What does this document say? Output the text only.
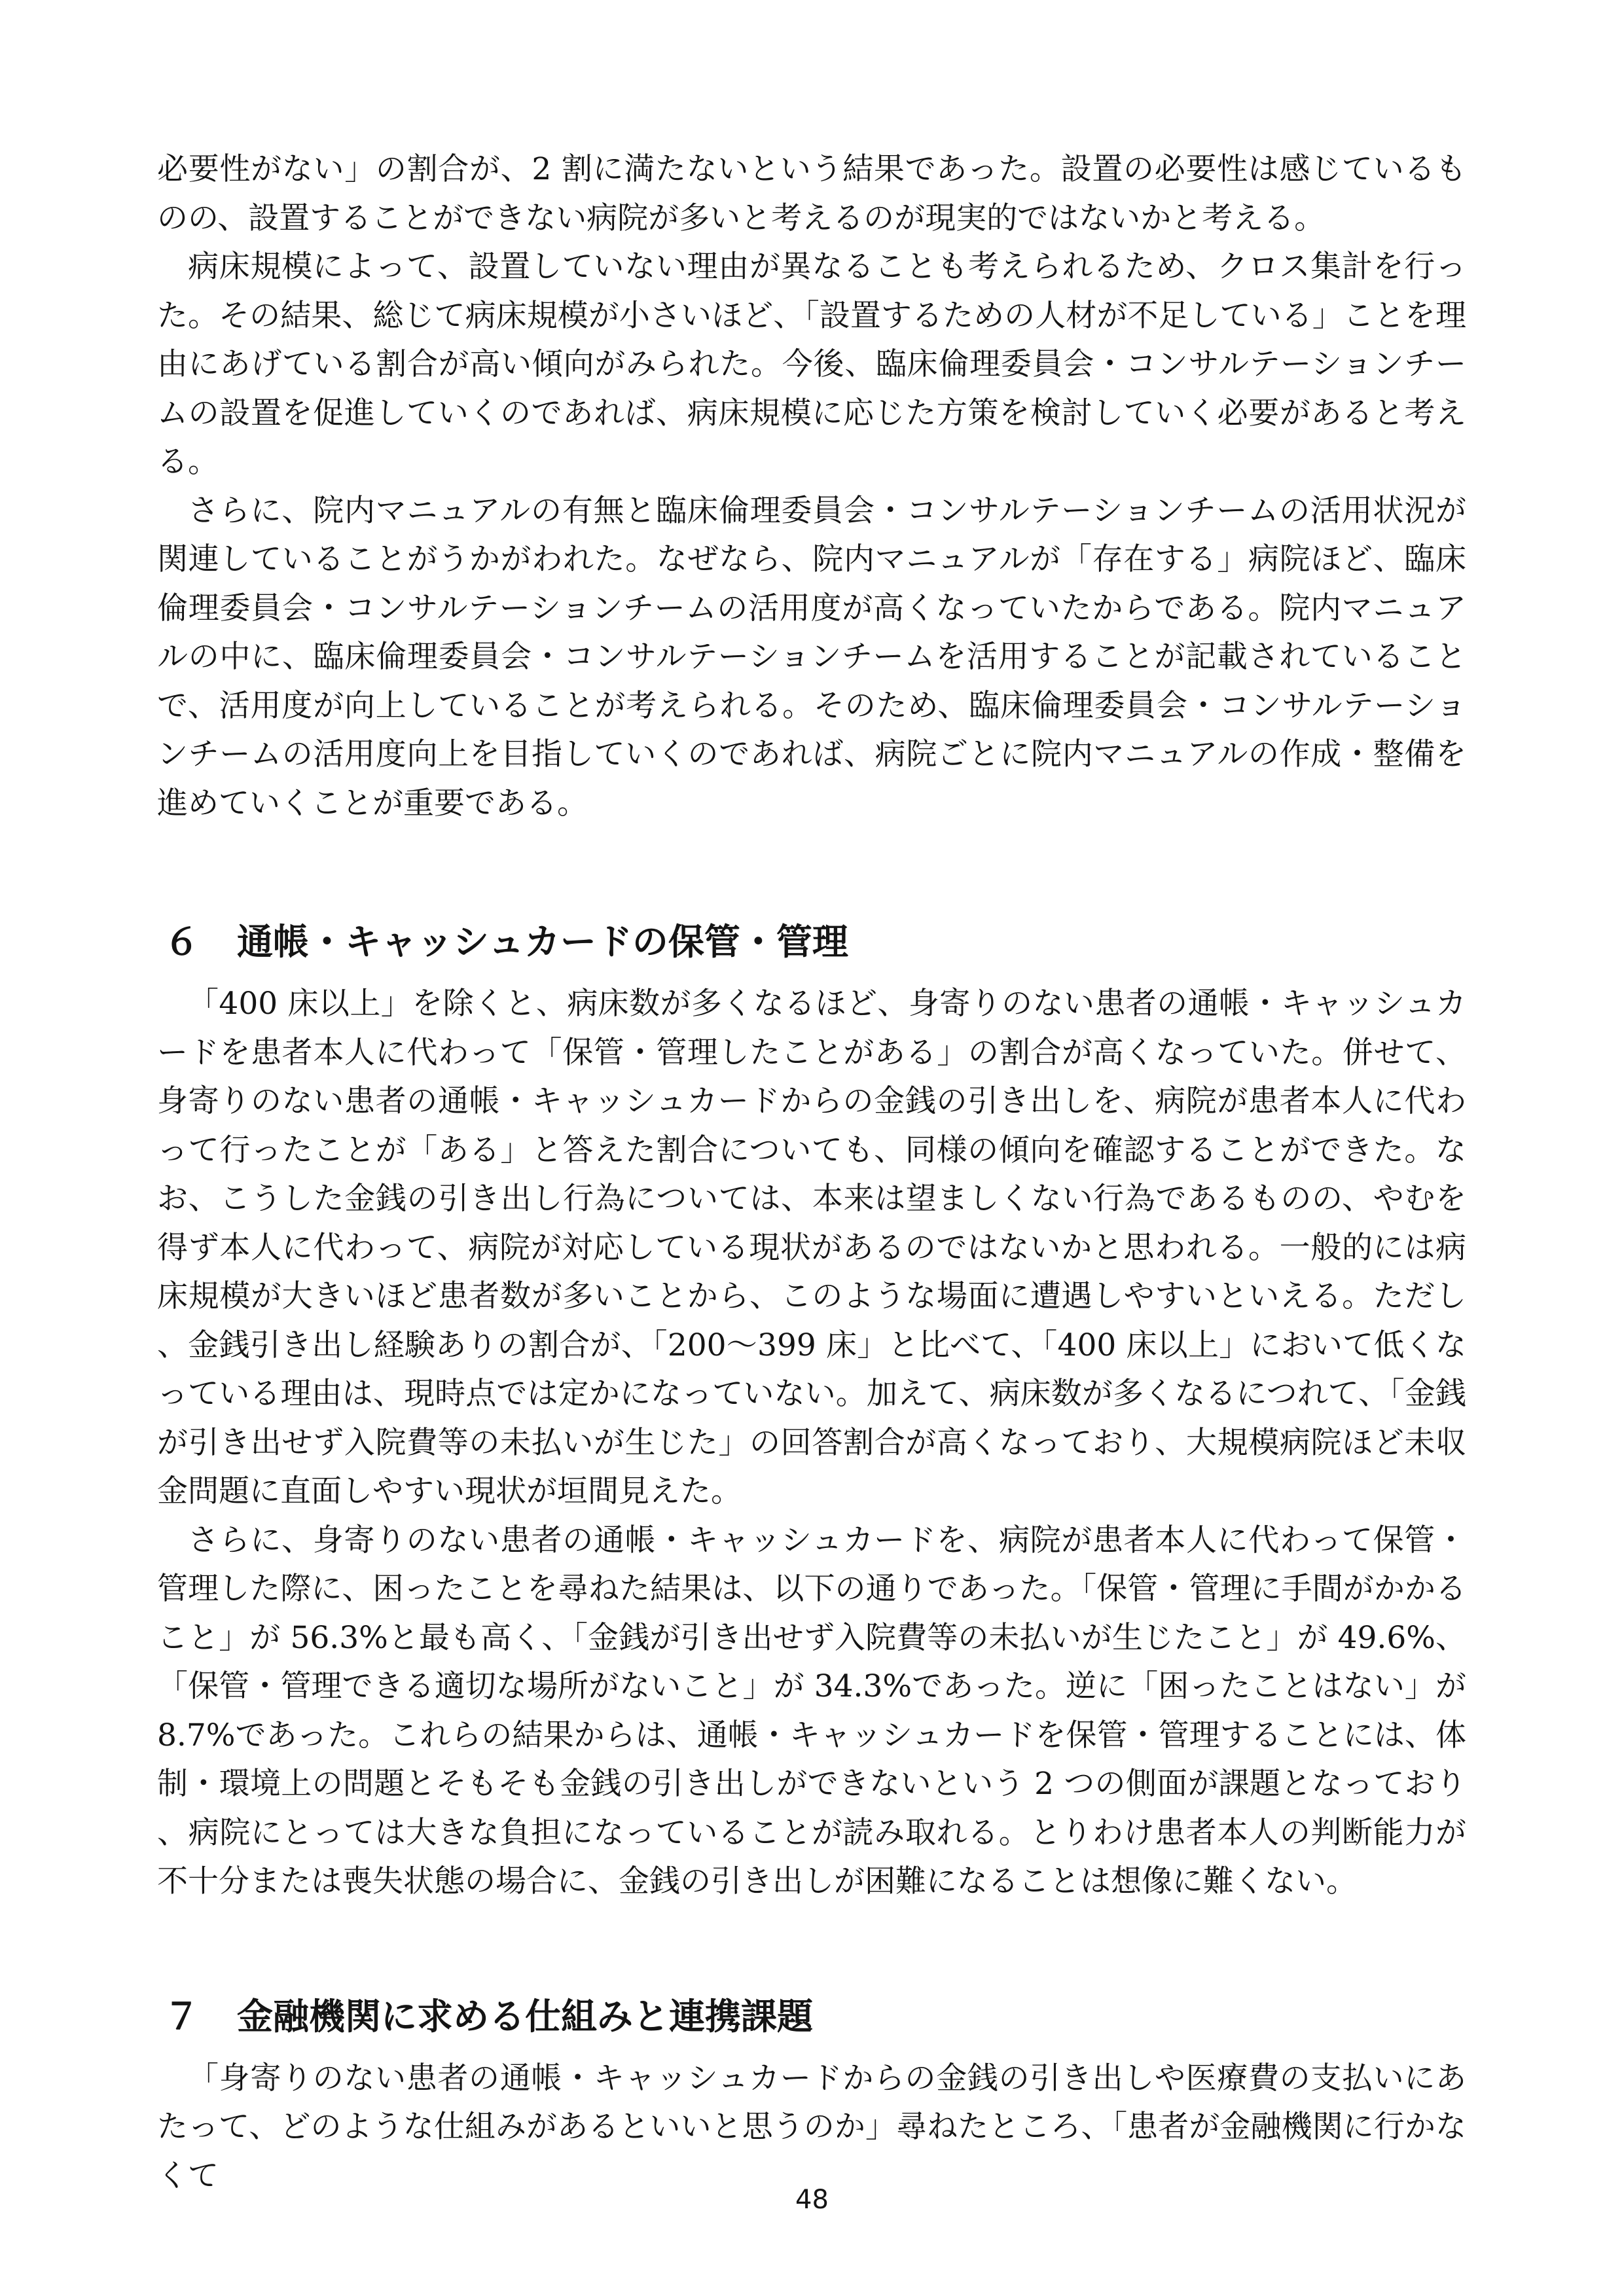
必要性がない」の割合が、2 割に満たないという結果であった。設置の必要性は感じているものの、設置することができない病院が多いと考えるのが現実的ではないかと考える。

病床規模によって、設置していない理由が異なることも考えられるため、クロス集計を行った。その結果、総じて病床規模が小さいほど、「設置するための人材が不足している」ことを理由にあげている割合が高い傾向がみられた。今後、臨床倫理委員会・コンサルテーションチームの設置を促進していくのであれば、病床規模に応じた方策を検討していく必要があると考える。

さらに、院内マニュアルの有無と臨床倫理委員会・コンサルテーションチームの活用状況が関連していることがうかがわれた。なぜなら、院内マニュアルが「存在する」病院ほど、臨床倫理委員会・コンサルテーションチームの活用度が高くなっていたからである。院内マニュアルの中に、臨床倫理委員会・コンサルテーションチームを活用することが記載されていることで、活用度が向上していることが考えられる。そのため、臨床倫理委員会・コンサルテーションチームの活用度向上を目指していくのであれば、病院ごとに院内マニュアルの作成・整備を進めていくことが重要である。

６	通帳・キャッシュカードの保管・管理

「400 床以上」を除くと、病床数が多くなるほど、身寄りのない患者の通帳・キャッシュカードを患者本人に代わって「保管・管理したことがある」の割合が高くなっていた。併せて、身寄りのない患者の通帳・キャッシュカードからの金銭の引き出しを、病院が患者本人に代わって行ったことが「ある」と答えた割合についても、同様の傾向を確認することができた。なお、こうした金銭の引き出し行為については、本来は望ましくない行為であるものの、やむを得ず本人に代わって、病院が対応している現状があるのではないかと思われる。一般的には病床規模が大きいほど患者数が多いことから、このような場面に遭遇しやすいといえる。ただし、金銭引き出し経験ありの割合が、「200～399 床」と比べて、「400 床以上」において低くなっている理由は、現時点では定かになっていない。加えて、病床数が多くなるにつれて、「金銭が引き出せず入院費等の未払いが生じた」の回答割合が高くなっており、大規模病院ほど未収金問題に直面しやすい現状が垣間見えた。

さらに、身寄りのない患者の通帳・キャッシュカードを、病院が患者本人に代わって保管・管理した際に、困ったことを尋ねた結果は、以下の通りであった。「保管・管理に手間がかかること」が 56.3%と最も高く、「金銭が引き出せず入院費等の未払いが生じたこと」が 49.6%、「保管・管理できる適切な場所がないこと」が 34.3%であった。逆に「困ったことはない」が 8.7%であった。これらの結果からは、通帳・キャッシュカードを保管・管理することには、体制・環境上の問題とそもそも金銭の引き出しができないという 2 つの側面が課題となっており、病院にとっては大きな負担になっていることが読み取れる。とりわけ患者本人の判断能力が不十分または喪失状態の場合に、金銭の引き出しが困難になることは想像に難くない。

７	金融機関に求める仕組みと連携課題

「身寄りのない患者の通帳・キャッシュカードからの金銭の引き出しや医療費の支払いにあたって、どのような仕組みがあるといいと思うのか」尋ねたところ、「患者が金融機関に行かなくて

48
